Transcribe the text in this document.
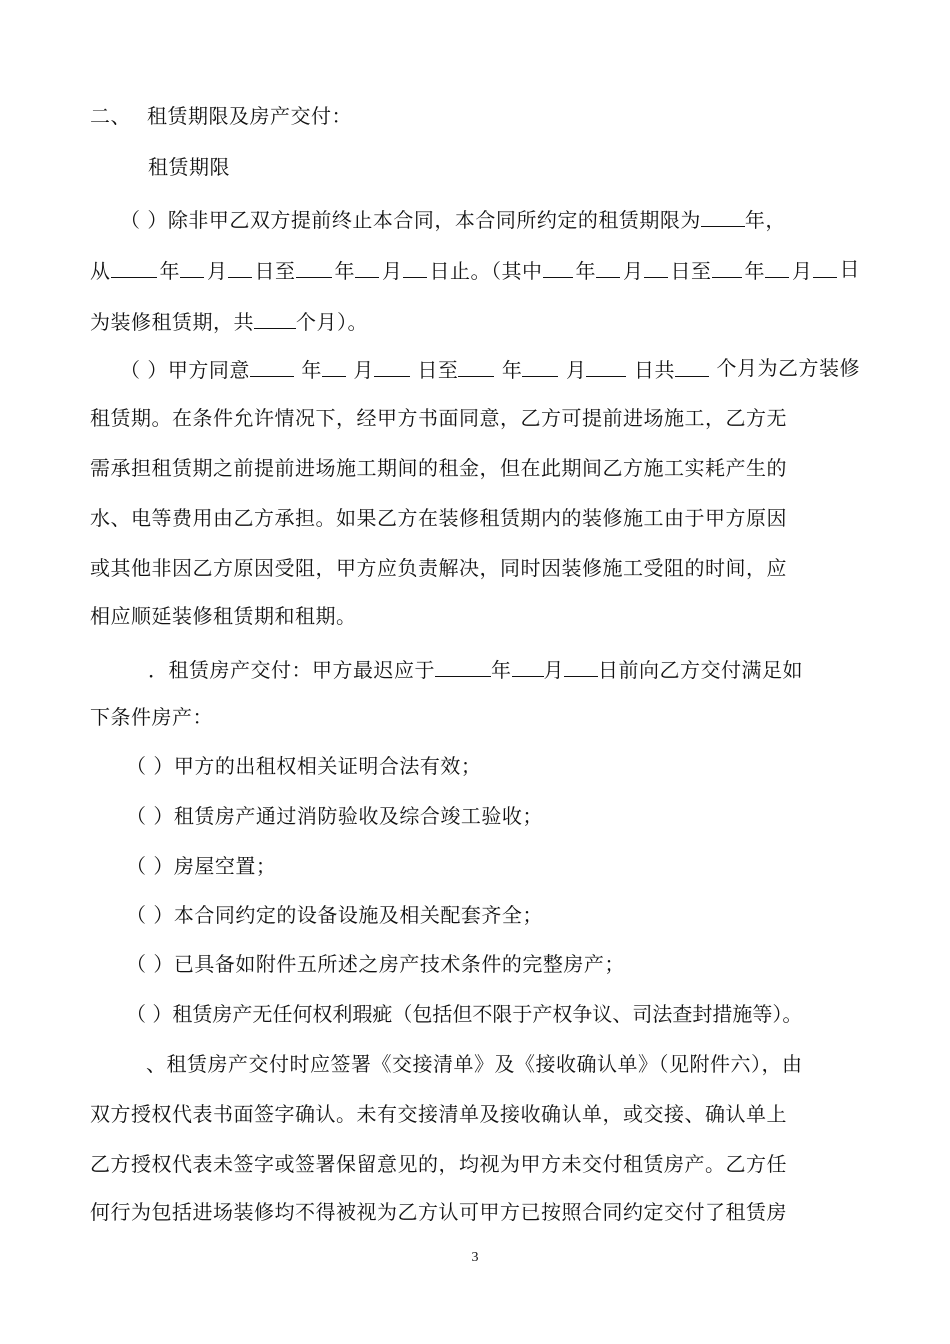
二、 租赁期限及房产交付：
租赁期限
（ ）除非甲乙双方提前终止本合同，本合同所约定的租赁期限为 年，
从	年	月	日至	年	月	日止。（其中	年	月	日至	年	月	日
为装修租赁期，共 个月）。
（ ）甲方同意	年	月	日至	年	月	日共	个月为乙方装修
租赁期。在条件允许情况下，经甲方书面同意，乙方可提前进场施工，乙方无
需承担租赁期之前提前进场施工期间的租金，但在此期间乙方施工实耗产生的
水、电等费用由乙方承担。如果乙方在装修租赁期内的装修施工由于甲方原因
或其他非因乙方原因受阻，甲方应负责解决，同时因装修施工受阻的时间，应
相应顺延装修租赁期和租期。
．租赁房产交付：甲方最迟应于	年 月 日前向乙方交付满足如
下条件房产：
（ ）甲方的出租权相关证明合法有效；
（ ）租赁房产通过消防验收及综合竣工验收；
（ ）房屋空置；
（ ）本合同约定的设备设施及相关配套齐全；
（ ）已具备如附件五所述之房产技术条件的完整房产；
（ ）租赁房产无任何权利瑕疵（包括但不限于产权争议、司法查封措施等）。
、租赁房产交付时应签署《交接清单》及《接收确认单》（见附件六），由
双方授权代表书面签字确认。未有交接清单及接收确认单，或交接、确认单上
乙方授权代表未签字或签署保留意见的，均视为甲方未交付租赁房产。乙方任
何行为包括进场装修均不得被视为乙方认可甲方已按照合同约定交付了租赁房
3
